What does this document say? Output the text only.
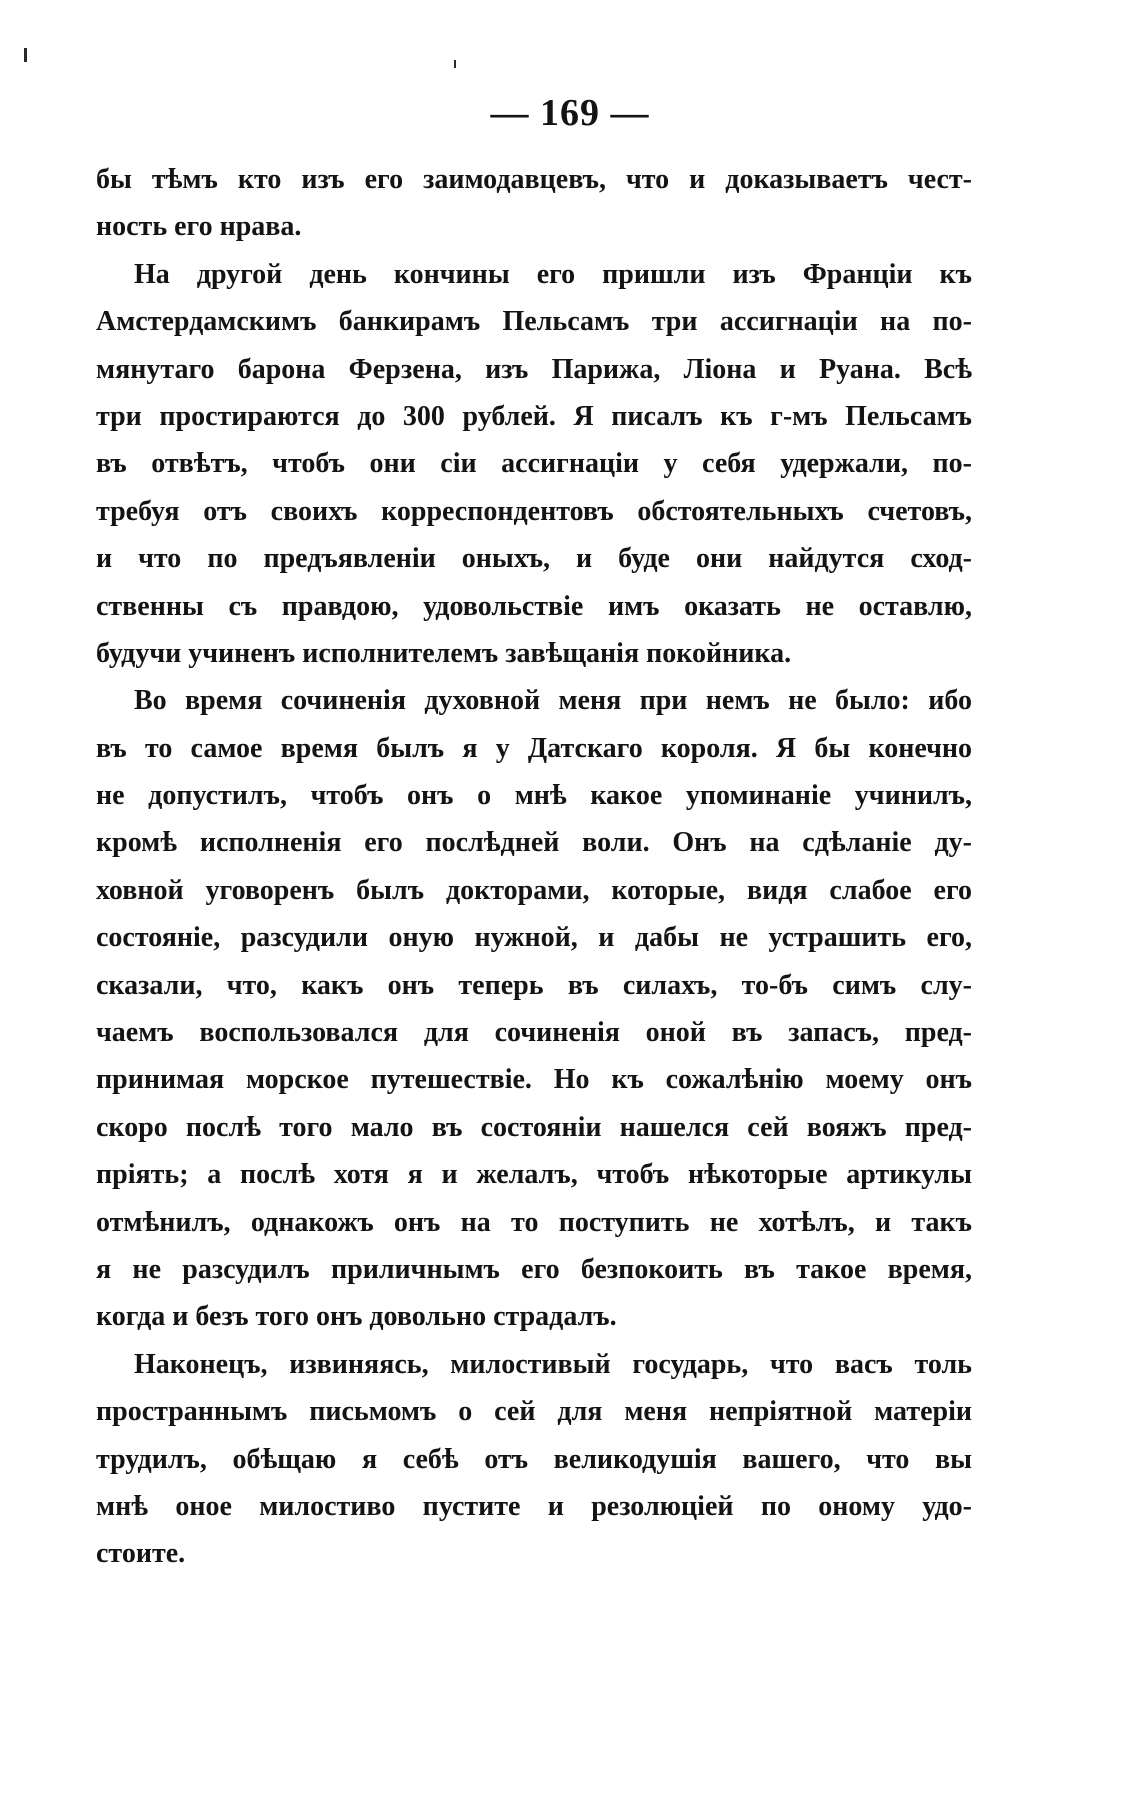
— 169 —
бы тѣмъ кто изъ его заимодавцевъ, что и доказываетъ чест-
ность его нрава.
На другой день кончины его пришли изъ Франціи къ
Амстердамскимъ банкирамъ Пельсамъ три ассигнаціи на по-
мянутаго барона Ферзена, изъ Парижа, Ліона и Руана. Всѣ
три простираются до 300 рублей. Я писалъ къ г-мъ Пельсамъ
въ отвѣтъ, чтобъ они сіи ассигнаціи у себя удержали, по-
требуя отъ своихъ корреспондентовъ обстоятельныхъ счетовъ,
и что по предъявленіи оныхъ, и буде они найдутся сход-
ственны съ правдою, удовольствіе имъ оказать не оставлю,
будучи учиненъ исполнителемъ завѣщанія покойника.
Во время сочиненія духовной меня при немъ не было: ибо
въ то самое время былъ я у Датскаго короля. Я бы конечно
не допустилъ, чтобъ онъ о мнѣ какое упоминаніе учинилъ,
кромѣ исполненія его послѣдней воли. Онъ на сдѣланіе ду-
ховной уговоренъ былъ докторами, которые, видя слабое его
состояніе, разсудили оную нужной, и дабы не устрашить его,
сказали, что, какъ онъ теперь въ силахъ, то-бъ симъ слу-
чаемъ воспользовался для сочиненія оной въ запасъ, пред-
принимая морское путешествіе. Но къ сожалѣнію моему онъ
скоро послѣ того мало въ состояніи нашелся сей вояжъ пред-
пріять; а послѣ хотя я и желалъ, чтобъ нѣкоторые артикулы
отмѣнилъ, однакожъ онъ на то поступить не хотѣлъ, и такъ
я не разсудилъ приличнымъ его безпокоить въ такое время,
когда и безъ того онъ довольно страдалъ.
Наконецъ, извиняясь, милостивый государь, что васъ толь
пространнымъ письмомъ о сей для меня непріятной матеріи
трудилъ, обѣщаю я себѣ отъ великодушія вашего, что вы
мнѣ оное милостиво пустите и резолюціей по оному удо-
стоите.
